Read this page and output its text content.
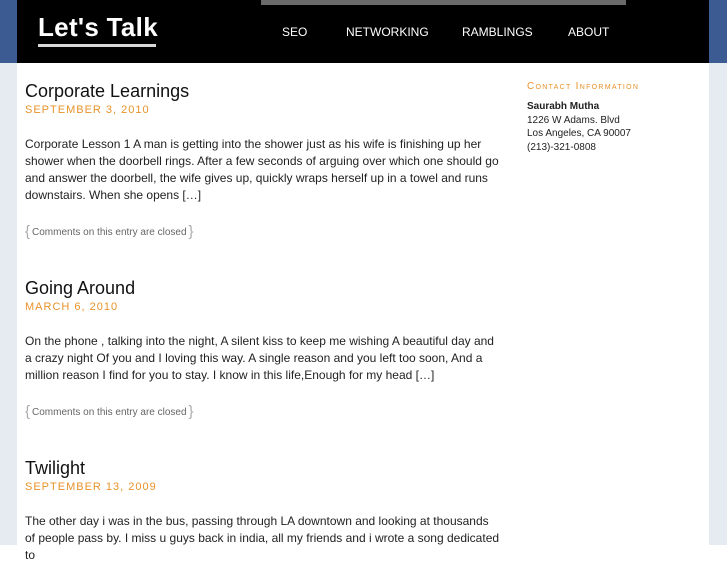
Let's Talk	SEO	NETWORKING	RAMBLINGS	ABOUT
Corporate Learnings
SEPTEMBER 3, 2010

Corporate Lesson 1 A man is getting into the shower just as his wife is finishing up her shower when the doorbell rings. After a few seconds of arguing over which one should go and answer the doorbell, the wife gives up, quickly wraps herself up in a towel and runs downstairs. When she opens […]

{ Comments on this entry are closed }
Going Around
MARCH 6, 2010

On the phone , talking into the night, A silent kiss to keep me wishing A beautiful day and a crazy night Of you and I loving this way. A single reason and you left too soon, And a million reason I find for you to stay. I know in this life,Enough for my head […]

{ Comments on this entry are closed }
Twilight
SEPTEMBER 13, 2009

The other day i was in the bus, passing through LA downtown and looking at thousands of people pass by. I miss u guys back in india, all my friends and i wrote a song dedicated to

Contact Information
Saurabh Mutha
1226 W Adams. Blvd
Los Angeles, CA 90007
(213)-321-0808
